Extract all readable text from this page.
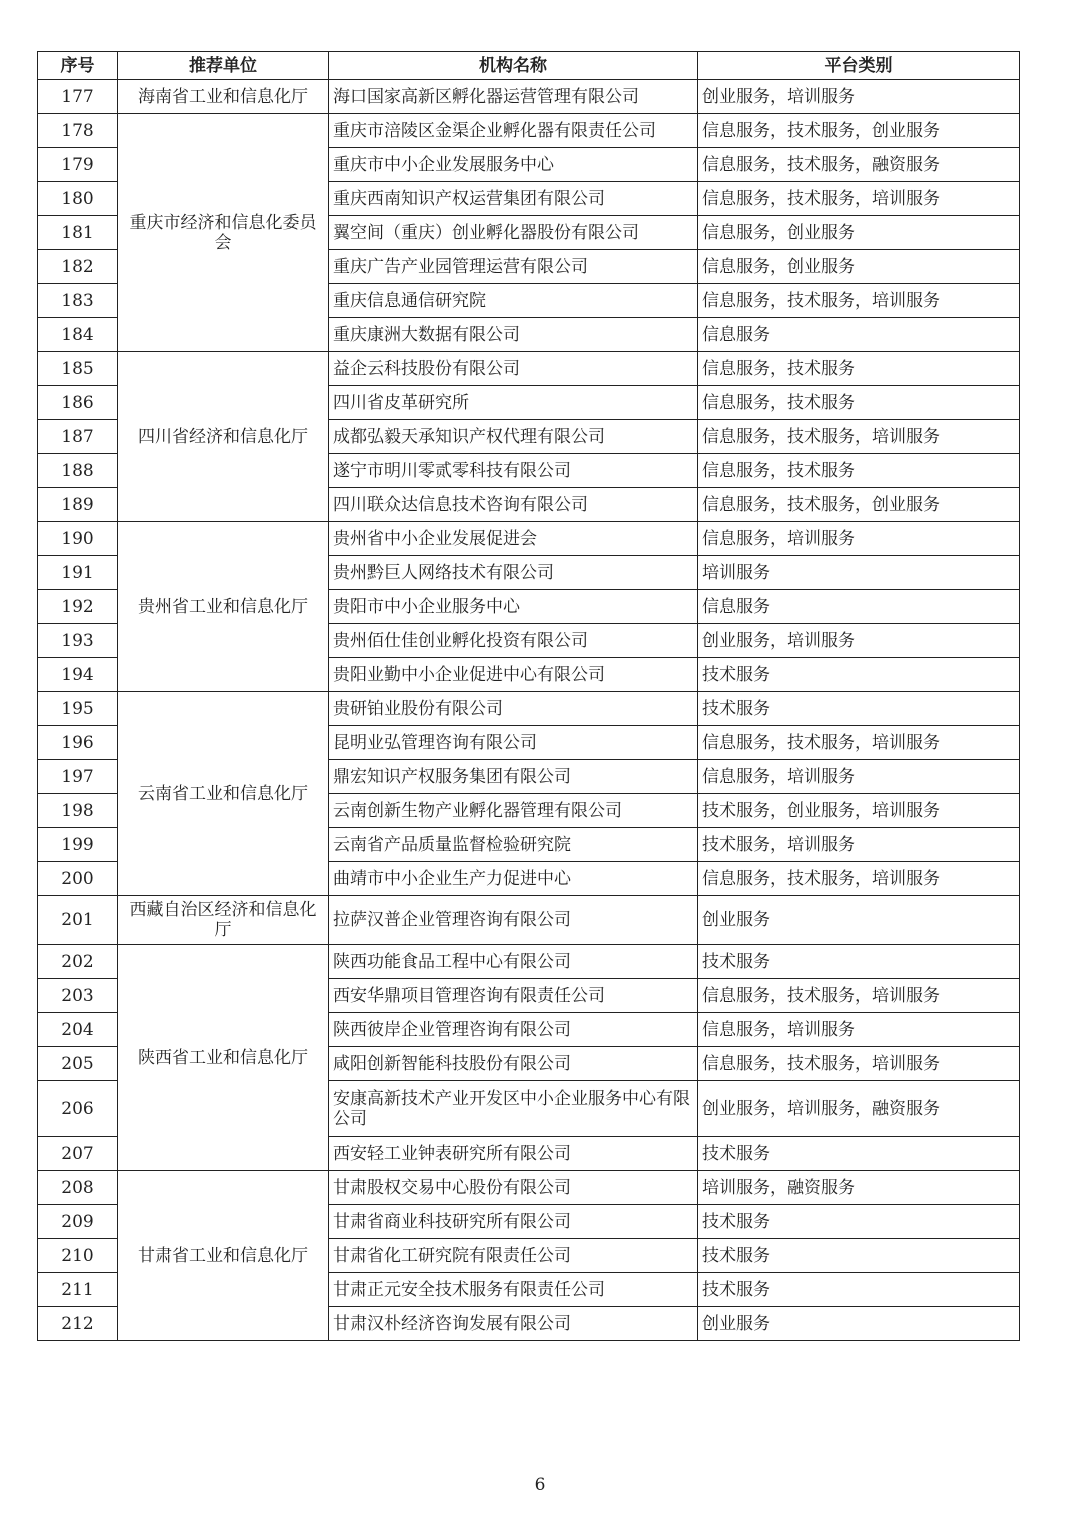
序号	推荐单位	机构名称	平台类别
177	海南省工业和信息化厅	海口国家高新区孵化器运营管理有限公司	创业服务，培训服务
178	重庆市经济和信息化委员会	重庆市涪陵区金渠企业孵化器有限责任公司	信息服务，技术服务，创业服务
179		重庆市中小企业发展服务中心	信息服务，技术服务，融资服务
180		重庆西南知识产权运营集团有限公司	信息服务，技术服务，培训服务
181		翼空间（重庆）创业孵化器股份有限公司	信息服务，创业服务
182		重庆广告产业园管理运营有限公司	信息服务，创业服务
183		重庆信息通信研究院	信息服务，技术服务，培训服务
184		重庆康洲大数据有限公司	信息服务
185	四川省经济和信息化厅	益企云科技股份有限公司	信息服务，技术服务
186		四川省皮革研究所	信息服务，技术服务
187		成都弘毅天承知识产权代理有限公司	信息服务，技术服务，培训服务
188		遂宁市明川零贰零科技有限公司	信息服务，技术服务
189		四川联众达信息技术咨询有限公司	信息服务，技术服务，创业服务
190	贵州省工业和信息化厅	贵州省中小企业发展促进会	信息服务，培训服务
191		贵州黔巨人网络技术有限公司	培训服务
192		贵阳市中小企业服务中心	信息服务
193		贵州佰仕佳创业孵化投资有限公司	创业服务，培训服务
194		贵阳业勤中小企业促进中心有限公司	技术服务
195	云南省工业和信息化厅	贵研铂业股份有限公司	技术服务
196		昆明业弘管理咨询有限公司	信息服务，技术服务，培训服务
197		鼎宏知识产权服务集团有限公司	信息服务，培训服务
198		云南创新生物产业孵化器管理有限公司	技术服务，创业服务，培训服务
199		云南省产品质量监督检验研究院	技术服务，培训服务
200		曲靖市中小企业生产力促进中心	信息服务，技术服务，培训服务
201	西藏自治区经济和信息化厅	拉萨汉普企业管理咨询有限公司	创业服务
202	陕西省工业和信息化厅	陕西功能食品工程中心有限公司	技术服务
203		西安华鼎项目管理咨询有限责任公司	信息服务，技术服务，培训服务
204		陕西彼岸企业管理咨询有限公司	信息服务，培训服务
205		咸阳创新智能科技股份有限公司	信息服务，技术服务，培训服务
206		安康高新技术产业开发区中小企业服务中心有限公司	创业服务，培训服务，融资服务
207		西安轻工业钟表研究所有限公司	技术服务
208	甘肃省工业和信息化厅	甘肃股权交易中心股份有限公司	培训服务，融资服务
209		甘肃省商业科技研究所有限公司	技术服务
210		甘肃省化工研究院有限责任公司	技术服务
211		甘肃正元安全技术服务有限责任公司	技术服务
212		甘肃汉朴经济咨询发展有限公司	创业服务
6
